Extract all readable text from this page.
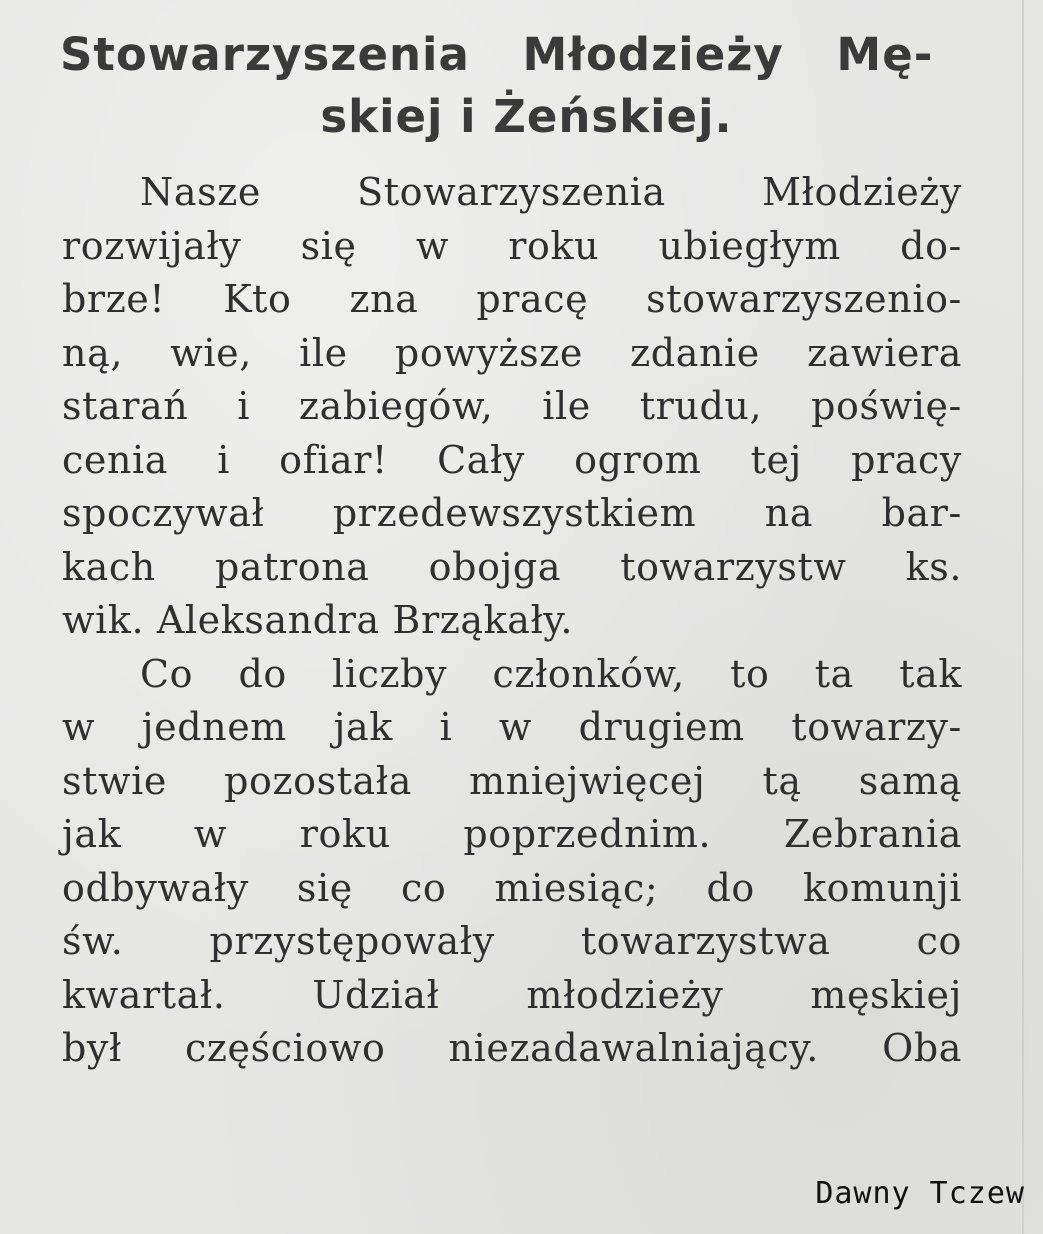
Stowarzyszenia Młodzieży Mę-
skiej i Żeńskiej.
Nasze Stowarzyszenia Młodzieży
rozwijały się w roku ubiegłym do-
brze! Kto zna pracę stowarzyszenio-
ną, wie, ile powyższe zdanie zawiera
starań i zabiegów, ile trudu, poświę-
cenia i ofiar! Cały ogrom tej pracy
spoczywał przedewszystkiem na bar-
kach patrona obojga towarzystw ks.
wik. Aleksandra Brząkały.
Co do liczby członków, to ta tak
w jednem jak i w drugiem towarzy-
stwie pozostała mniejwięcej tą samą
jak w roku poprzednim. Zebrania
odbywały się co miesiąc; do komunji
św. przystępowały towarzystwa co
kwartał. Udział młodzieży męskiej
był częściowo niezadawalniający. Oba
Dawny Tczew
